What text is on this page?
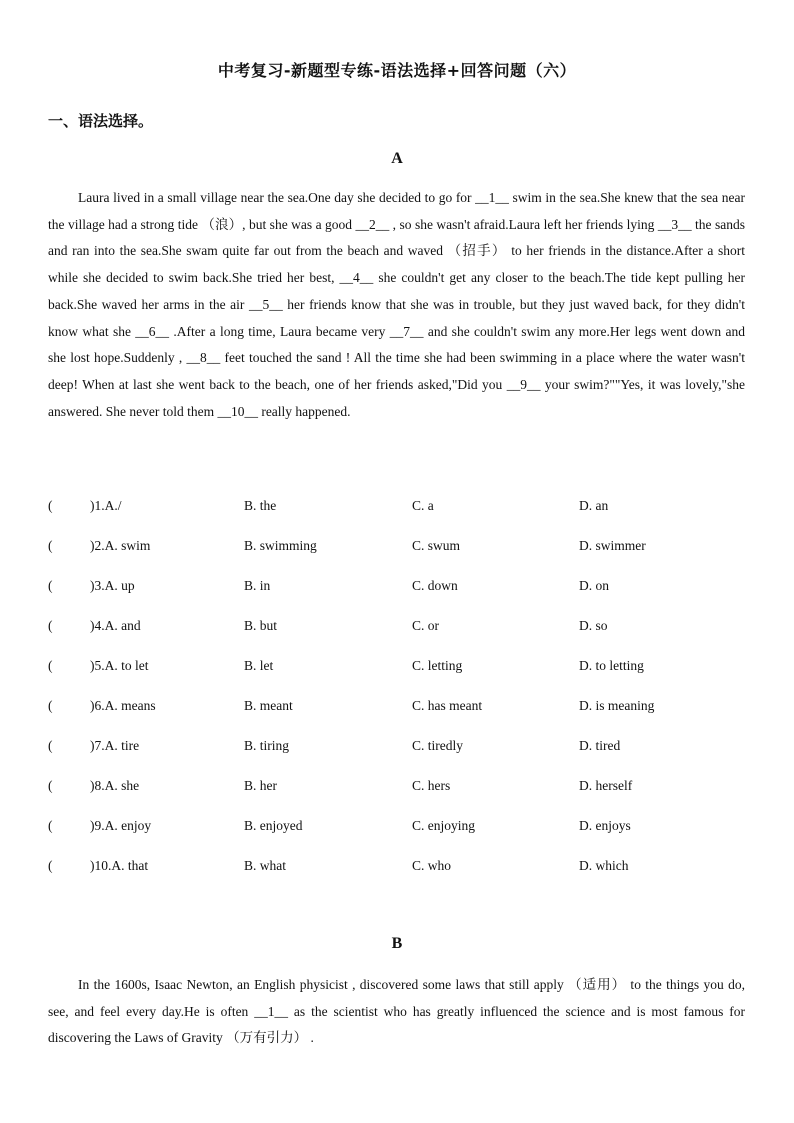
中考复习-新题型专练-语法选择+回答问题（六）
一、语法选择。
A

Laura lived in a small village near the sea.One day she decided to go for __1__ swim in the sea.She knew that the sea near the village had a strong tide （浪）, but she was a good __2__ , so she wasn't afraid.Laura left her friends lying __3__ the sands and ran into the sea.She swam quite far out from the beach and waved （招手） to her friends in the distance.After a short while she decided to swim back.She tried her best, __4__ she couldn't get any closer to the beach.The tide kept pulling her back.She waved her arms in the air __5__ her friends know that she was in trouble, but they just waved back, for they didn't know what she __6__ .After a long time, Laura became very __7__ and she couldn't swim any more.Her legs went down and she lost hope.Suddenly , __8__ feet touched the sand ! All the time she had been swimming in a place where the water wasn't deep! When at last she went back to the beach, one of her friends asked,"Did you __9__ your swim?""Yes, it was lovely,"she answered. She never told them __10__ really happened.

(	)1.A./	B. the	C. a	D. an
(	)2.A. swim	B. swimming	C. swum	D. swimmer
(	)3.A. up	B. in	C. down	D. on
(	)4.A. and	B. but	C. or	D. so
(	)5.A. to let	B. let	C. letting	D. to letting
(	)6.A. means	B. meant	C. has meant	D. is meaning
(	)7.A. tire	B. tiring	C. tiredly	D. tired
(	)8.A. she	B. her	C. hers	D. herself
(	)9.A. enjoy	B. enjoyed	C. enjoying	D. enjoys
(	)10.A. that	B. what	C. who	D. which
B

In the 1600s, Isaac Newton, an English physicist , discovered some laws that still apply （适用） to the things you do, see, and feel every day.He is often __1__ as the scientist who has greatly influenced the science and is most famous for discovering the Laws of Gravity （万有引力） .
